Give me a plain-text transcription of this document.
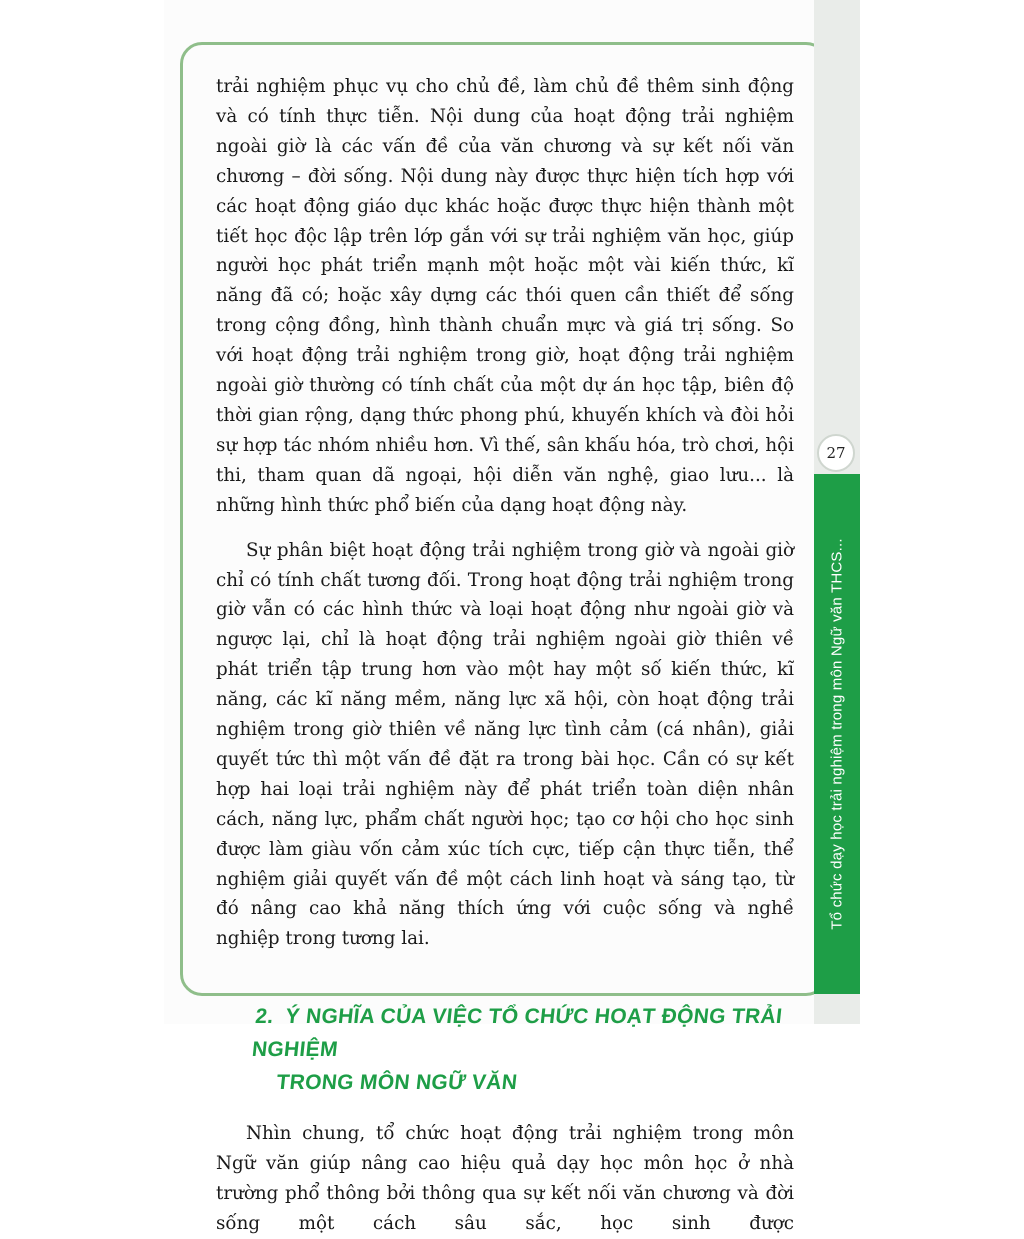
Tổ chức dạy học trải nghiệm trong môn Ngữ văn THCS...
27

trải nghiệm phục vụ cho chủ đề, làm chủ đề thêm sinh động và có tính thực tiễn. Nội dung của hoạt động trải nghiệm ngoài giờ là các vấn đề của văn chương và sự kết nối văn chương – đời sống. Nội dung này được thực hiện tích hợp với các hoạt động giáo dục khác hoặc được thực hiện thành một tiết học độc lập trên lớp gắn với sự trải nghiệm văn học, giúp người học phát triển mạnh một hoặc một vài kiến thức, kĩ năng đã có; hoặc xây dựng các thói quen cần thiết để sống trong cộng đồng, hình thành chuẩn mực và giá trị sống. So với hoạt động trải nghiệm trong giờ, hoạt động trải nghiệm ngoài giờ thường có tính chất của một dự án học tập, biên độ thời gian rộng, dạng thức phong phú, khuyến khích và đòi hỏi sự hợp tác nhóm nhiều hơn. Vì thế, sân khấu hóa, trò chơi, hội thi, tham quan dã ngoại, hội diễn văn nghệ, giao lưu... là những hình thức phổ biến của dạng hoạt động này.

Sự phân biệt hoạt động trải nghiệm trong giờ và ngoài giờ chỉ có tính chất tương đối. Trong hoạt động trải nghiệm trong giờ vẫn có các hình thức và loại hoạt động như ngoài giờ và ngược lại, chỉ là hoạt động trải nghiệm ngoài giờ thiên về phát triển tập trung hơn vào một hay một số kiến thức, kĩ năng, các kĩ năng mềm, năng lực xã hội, còn hoạt động trải nghiệm trong giờ thiên về năng lực tình cảm (cá nhân), giải quyết tức thì một vấn đề đặt ra trong bài học. Cần có sự kết hợp hai loại trải nghiệm này để phát triển toàn diện nhân cách, năng lực, phẩm chất người học; tạo cơ hội cho học sinh được làm giàu vốn cảm xúc tích cực, tiếp cận thực tiễn, thể nghiệm giải quyết vấn đề một cách linh hoạt và sáng tạo, từ đó nâng cao khả năng thích ứng với cuộc sống và nghề nghiệp trong tương lai.

2. Ý NGHĨA CỦA VIỆC TỔ CHỨC HOẠT ĐỘNG TRẢI NGHIỆM
TRONG MÔN NGỮ VĂN

Nhìn chung, tổ chức hoạt động trải nghiệm trong môn Ngữ văn giúp nâng cao hiệu quả dạy học môn học ở nhà trường phổ thông bởi thông qua sự kết nối văn chương và đời sống một cách sâu sắc, học sinh được
